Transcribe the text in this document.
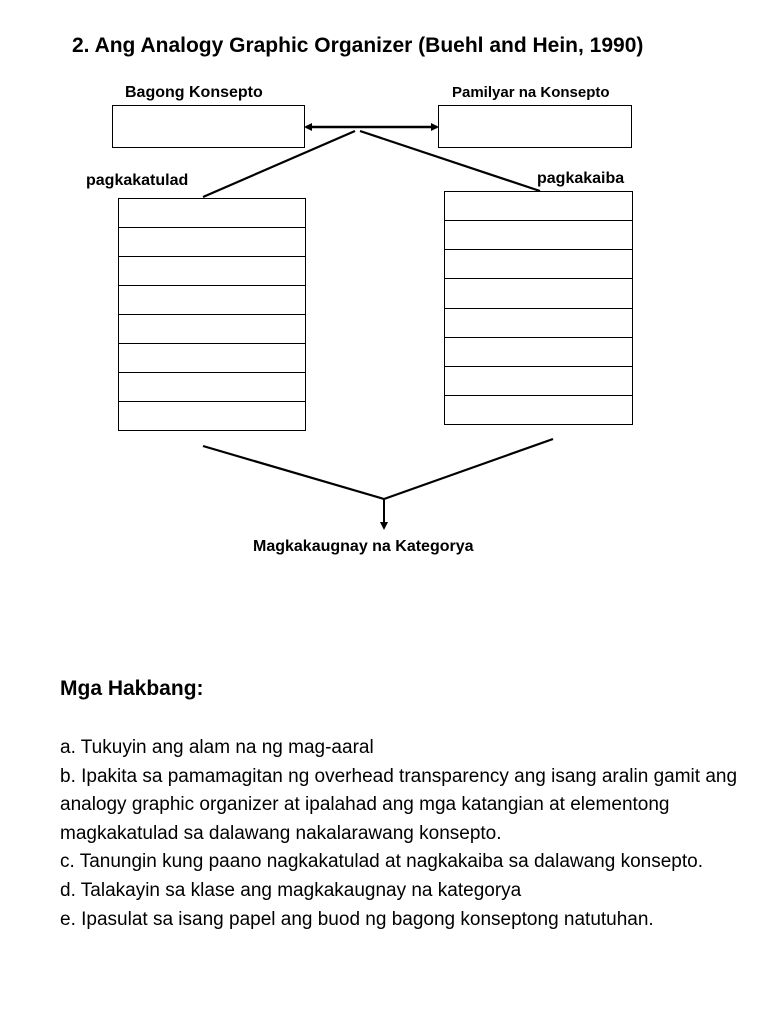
2. Ang Analogy Graphic Organizer (Buehl and Hein, 1990)
Bagong Konsepto	Pamilyar na Konsepto
pagkakatulad	pagkakaiba
Magkakaugnay na Kategorya
Mga Hakbang:
a. Tukuyin ang alam na ng mag-aaral
b. Ipakita sa pamamagitan ng overhead transparency ang isang aralin gamit ang analogy graphic organizer at ipalahad ang mga katangian at elementong magkakatulad sa dalawang nakalarawang konsepto.
c. Tanungin kung paano nagkakatulad at nagkakaiba sa dalawang konsepto.
d. Talakayin sa klase ang magkakaugnay na kategorya
e. Ipasulat sa isang papel ang buod ng bagong konseptong natutuhan.
